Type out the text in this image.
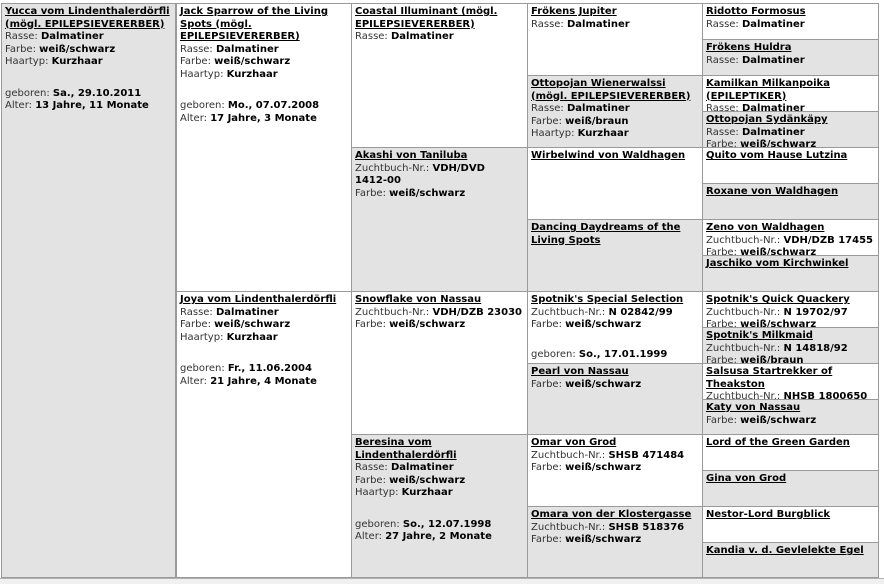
Yucca vom Lindenthalerdörfli (mögl. EPILEPSIEVERERBER)
Rasse: Dalmatiner
Farbe: weiß/schwarz
Haartyp: Kurzhaar
geboren: Sa., 29.10.2011
Alter: 13 Jahre, 11 Monate
Jack Sparrow of the Living Spots (mögl. EPILEPSIEVERERBER)
Rasse: Dalmatiner
Farbe: weiß/schwarz
Haartyp: Kurzhaar
geboren: Mo., 07.07.2008
Alter: 17 Jahre, 3 Monate
Joya vom Lindenthalerdörfli
Rasse: Dalmatiner
Farbe: weiß/schwarz
Haartyp: Kurzhaar
geboren: Fr., 11.06.2004
Alter: 21 Jahre, 4 Monate
Coastal Illuminant (mögl. EPILEPSIEVERERBER)
Rasse: Dalmatiner
Akashi von Taniluba
Zuchtbuch-Nr.: VDH/DVD
1412-00
Farbe: weiß/schwarz
Snowflake von Nassau
Zuchtbuch-Nr.: VDH/DZB 23030
Farbe: weiß/schwarz
Beresina vom Lindenthalerdörfli
Rasse: Dalmatiner
Farbe: weiß/schwarz
Haartyp: Kurzhaar
geboren: So., 12.07.1998
Alter: 27 Jahre, 2 Monate
Frökens Jupiter
Rasse: Dalmatiner
Ottopojan Wienerwalssi (mögl. EPILEPSIEVERERBER)
Rasse: Dalmatiner
Farbe: weiß/braun
Haartyp: Kurzhaar
Wirbelwind von Waldhagen
Dancing Daydreams of the Living Spots
Spotnik's Special Selection
Zuchtbuch-Nr.: N 02842/99
Farbe: weiß/schwarz
geboren: So., 17.01.1999
Pearl von Nassau
Farbe: weiß/schwarz
Omar von Grod
Zuchtbuch-Nr.: SHSB 471484
Farbe: weiß/schwarz
Omara von der Klostergasse
Zuchtbuch-Nr.: SHSB 518376
Farbe: weiß/schwarz
Ridotto Formosus
Rasse: Dalmatiner
Frökens Huldra
Rasse: Dalmatiner
Kamilkan Milkanpoika (EPILEPTIKER)
Rasse: Dalmatiner
Ottopojan Sydänkäpy
Rasse: Dalmatiner
Farbe: weiß/schwarz
Quito vom Hause Lutzina
Roxane von Waldhagen
Zeno von Waldhagen
Zuchtbuch-Nr.: VDH/DZB 17455
Farbe: weiß/schwarz
Jaschiko vom Kirchwinkel
Spotnik's Quick Quackery
Zuchtbuch-Nr.: N 19702/97
Farbe: weiß/schwarz
Spotnik's Milkmaid
Zuchtbuch-Nr.: N 14818/92
Farbe: weiß/braun
Salsusa Startrekker of Theakston
Zuchtbuch-Nr.: NHSB 1800650
Katy von Nassau
Farbe: weiß/schwarz
Lord of the Green Garden
Gina von Grod
Nestor-Lord Burgblick
Kandia v. d. Gevlelekte Egel
